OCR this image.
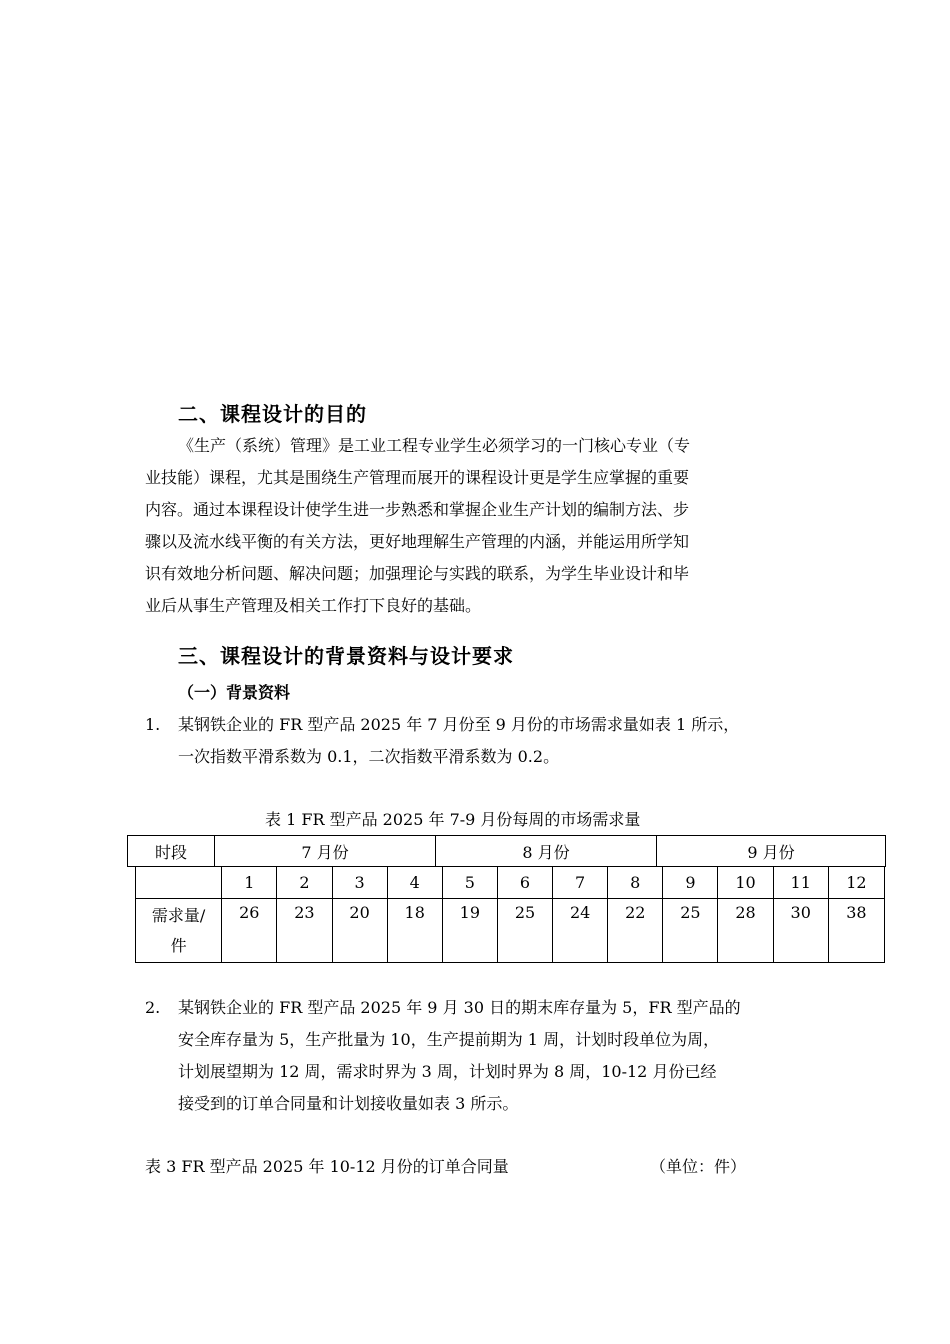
二、课程设计的目的
《生产（系统）管理》是工业工程专业学生必须学习的一门核心专业（专
业技能）课程，尤其是围绕生产管理而展开的课程设计更是学生应掌握的重要
内容。通过本课程设计使学生进一步熟悉和掌握企业生产计划的编制方法、步
骤以及流水线平衡的有关方法，更好地理解生产管理的内涵，并能运用所学知
识有效地分析问题、解决问题；加强理论与实践的联系，为学生毕业设计和毕
业后从事生产管理及相关工作打下良好的基础。
三、课程设计的背景资料与设计要求
（一）背景资料
1. 某钢铁企业的 FR 型产品 2025 年 7 月份至 9 月份的市场需求量如表 1 所示，
一次指数平滑系数为 0.1，二次指数平滑系数为 0.2。
表 1 FR 型产品 2025 年 7-9 月份每周的市场需求量
时段	7 月份	8 月份	9 月份
	1	2	3	4	5	6	7	8	9	10	11	12
需求量/
件	26	23	20	18	19	25	24	22	25	28	30	38
2. 某钢铁企业的 FR 型产品 2025 年 9 月 30 日的期末库存量为 5，FR 型产品的
安全库存量为 5，生产批量为 10，生产提前期为 1 周，计划时段单位为周，
计划展望期为 12 周，需求时界为 3 周，计划时界为 8 周，10-12 月份已经
接受到的订单合同量和计划接收量如表 3 所示。
表 3 FR 型产品 2025 年 10-12 月份的订单合同量	（单位：件）
